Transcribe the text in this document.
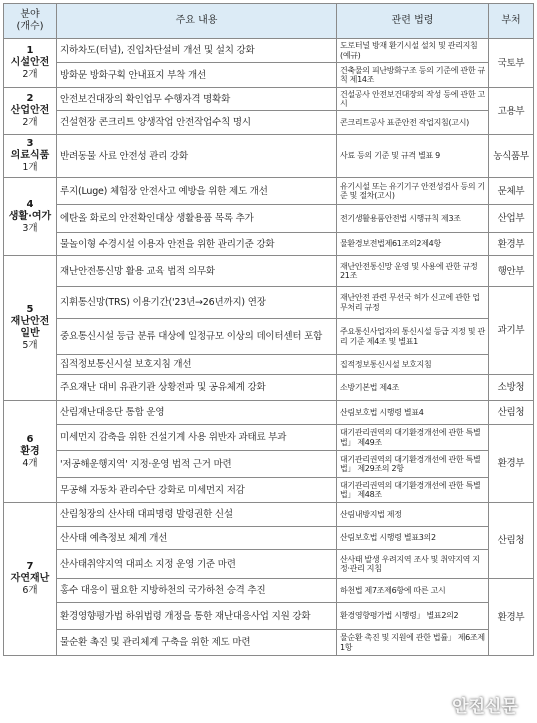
분야
(개수)	주요 내용	관련 법령	부처

1
시설안전
2개	지하차도(터널), 진입차단설비 개선 및 설치 강화	도로터널 방재 환기시설 설치 및 관리지침(예규)	국토부
	방화문 방화구획 안내표지 부착 개선	건축물의 피난방화구조 등의 기준에 관한 규칙 제14조	

2
산업안전
2개	안전보건대장의 확인업무 수행자격 명확화	건설공사 안전보건대장의 작성 등에 관한 고시	고용부
	건설현장 콘크리트 양생작업 안전작업수칙 명시	콘크리트공사 표준안전 작업지침(고시)	

3
의료식품
1개	반려동물 사료 안전성 관리 강화	사료 등의 기준 및 규격 별표 9	농식품부

4
생활·여가
3개	루지(Luge) 체험장 안전사고 예방을 위한 제도 개선	유기시설 또는 유기기구 안전성검사 등의 기준 및 절차(고시)	문체부
	에탄올 화로의 안전확인대상 생활용품 목록 추가	전기생활용품안전법 시행규칙 제3조	산업부
	물놀이형 수경시설 이용자 안전을 위한 관리기준 강화	물환경보전법제61조의2제4항	환경부

5
재난안전
일반
5개	재난안전통신망 활용 교육 법적 의무화	재난안전통신망 운영 및 사용에 관한 규정21조	행안부
	지휘통신망(TRS) 이용기간('23년→26년까지) 연장	재난안전 관련 무선국 허가 신고에 관한 업무처리 규정	과기부
	중요통신시설 등급 분류 대상에 일정규모 이상의 데이터센터 포함	주요통신사업자의 통신시설 등급 지정 및 관리 기준 제4조 및 별표1	
	집적정보통신시설 보호지침 개선	집적정보통신시설 보호지침	
	주요재난 대비 유관기관 상황전파 및 공유체계 강화	소방기본법 제4조	소방청

6
환경
4개	산림재난대응단 통합 운영	산림보호법 시행령 별표4	산림청
	미세먼지 감축을 위한 건설기계 사용 위반자 과태료 부과	대기관리권역의 대기환경개선에 관한 특별법」 제49조	환경부
	'저공해운행지역' 지정·운영 법적 근거 마련	대기관리권역의 대기환경개선에 관한 특별법」 제29조의 2항	
	무공해 자동차 관리수단 강화로 미세먼지 저감	대기관리권역의 대기환경개선에 관한 특별법」 제48조	

7
자연재난
6개	산림청장의 산사태 대피명령 발령권한 신설	산림내방지법 제정	산림청
	산사태 예측정보 체계 개선	산림보호법 시행령 별표3의2	
	산사태취약지역 대피소 지정 운영 기준 마련	산사태 발생 우려지역 조사 및 취약지역 지정·관리 지침	
	홍수 대응이 필요한 지방하천의 국가하천 승격 추진	하천법 제7조제6항에 따른 고시	환경부
	환경영향평가법 하위법령 개정을 통한 재난대응사업 지원 강화	환경영향평가법 시행령」 별표2의2	
	물순환 촉진 및 관리체계 구축을 위한 제도 마련	물순환 촉진 및 지원에 관한 법률」 제6조제1항	
안전신문
